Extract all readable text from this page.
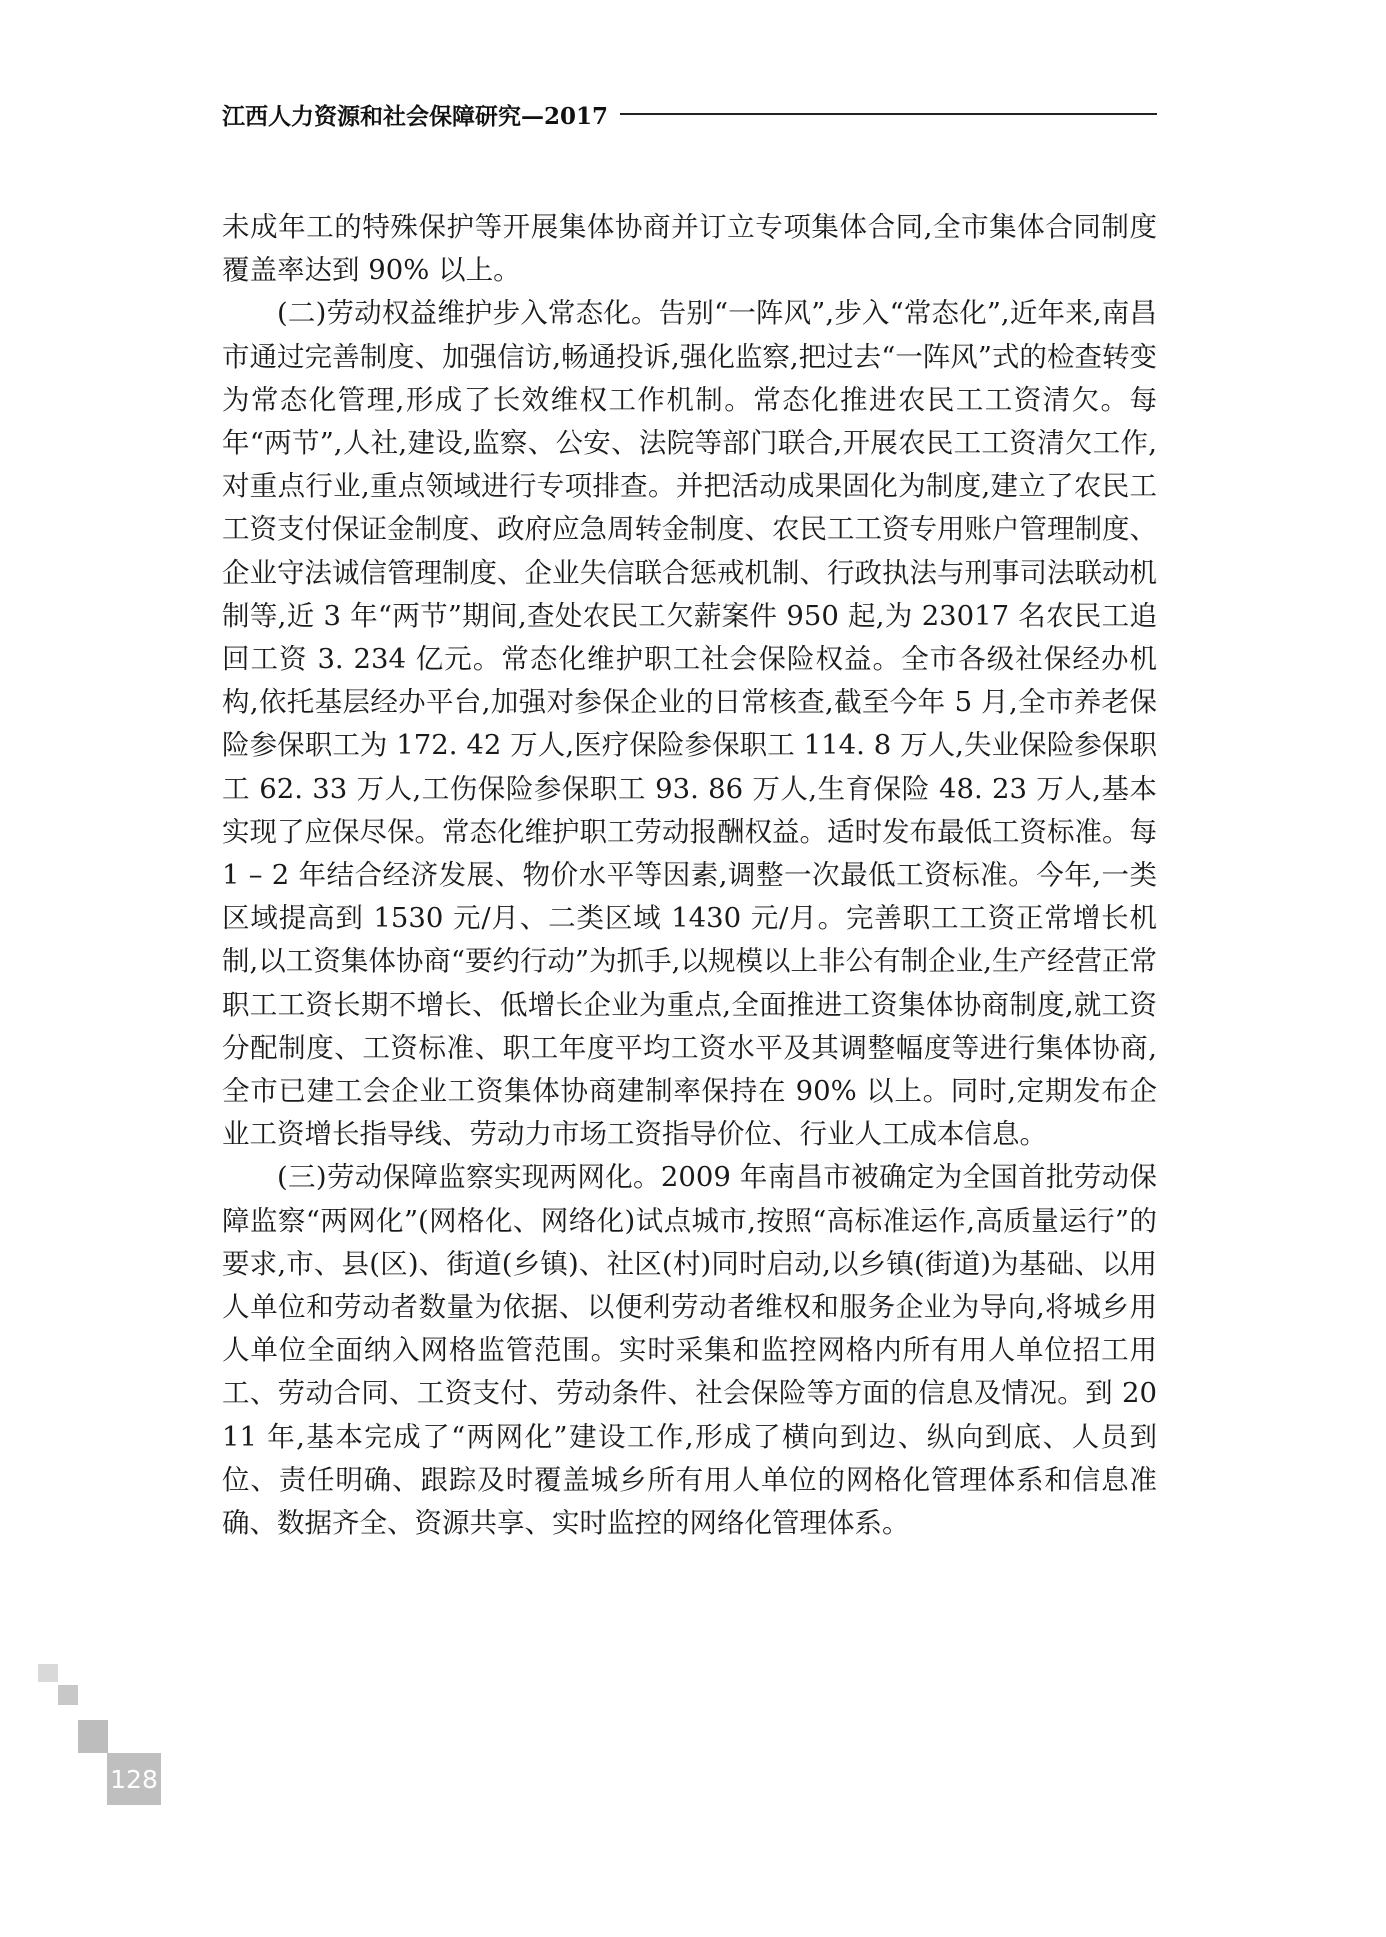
江西人力资源和社会保障研究—2017

未成年工的特殊保护等开展集体协商并订立专项集体合同,全市集体合同制度覆盖率达到 90% 以上。

(二)劳动权益维护步入常态化。告别“一阵风”,步入“常态化”,近年来,南昌市通过完善制度、加强信访,畅通投诉,强化监察,把过去“一阵风”式的检查转变为常态化管理,形成了长效维权工作机制。常态化推进农民工工资清欠。每年“两节”,人社,建设,监察、公安、法院等部门联合,开展农民工工资清欠工作,对重点行业,重点领域进行专项排查。并把活动成果固化为制度,建立了农民工工资支付保证金制度、政府应急周转金制度、农民工工资专用账户管理制度、企业守法诚信管理制度、企业失信联合惩戒机制、行政执法与刑事司法联动机制等,近 3 年“两节”期间,查处农民工欠薪案件 950 起,为 23017 名农民工追回工资 3. 234 亿元。常态化维护职工社会保险权益。全市各级社保经办机构,依托基层经办平台,加强对参保企业的日常核查,截至今年 5 月,全市养老保险参保职工为 172. 42 万人,医疗保险参保职工 114. 8 万人,失业保险参保职工 62. 33 万人,工伤保险参保职工 93. 86 万人,生育保险 48. 23 万人,基本实现了应保尽保。常态化维护职工劳动报酬权益。适时发布最低工资标准。每 1 – 2 年结合经济发展、物价水平等因素,调整一次最低工资标准。今年,一类区域提高到 1530 元/月、二类区域 1430 元/月。完善职工工资正常增长机制,以工资集体协商“要约行动”为抓手,以规模以上非公有制企业,生产经营正常职工工资长期不增长、低增长企业为重点,全面推进工资集体协商制度,就工资分配制度、工资标准、职工年度平均工资水平及其调整幅度等进行集体协商,全市已建工会企业工资集体协商建制率保持在 90% 以上。同时,定期发布企业工资增长指导线、劳动力市场工资指导价位、行业人工成本信息。

(三)劳动保障监察实现两网化。2009 年南昌市被确定为全国首批劳动保障监察“两网化”(网格化、网络化)试点城市,按照“高标准运作,高质量运行”的要求,市、县(区)、街道(乡镇)、社区(村)同时启动,以乡镇(街道)为基础、以用人单位和劳动者数量为依据、以便利劳动者维权和服务企业为导向,将城乡用人单位全面纳入网格监管范围。实时采集和监控网格内所有用人单位招工用工、劳动合同、工资支付、劳动条件、社会保险等方面的信息及情况。到 2011 年,基本完成了“两网化”建设工作,形成了横向到边、纵向到底、人员到位、责任明确、跟踪及时覆盖城乡所有用人单位的网格化管理体系和信息准确、数据齐全、资源共享、实时监控的网络化管理体系。

128
